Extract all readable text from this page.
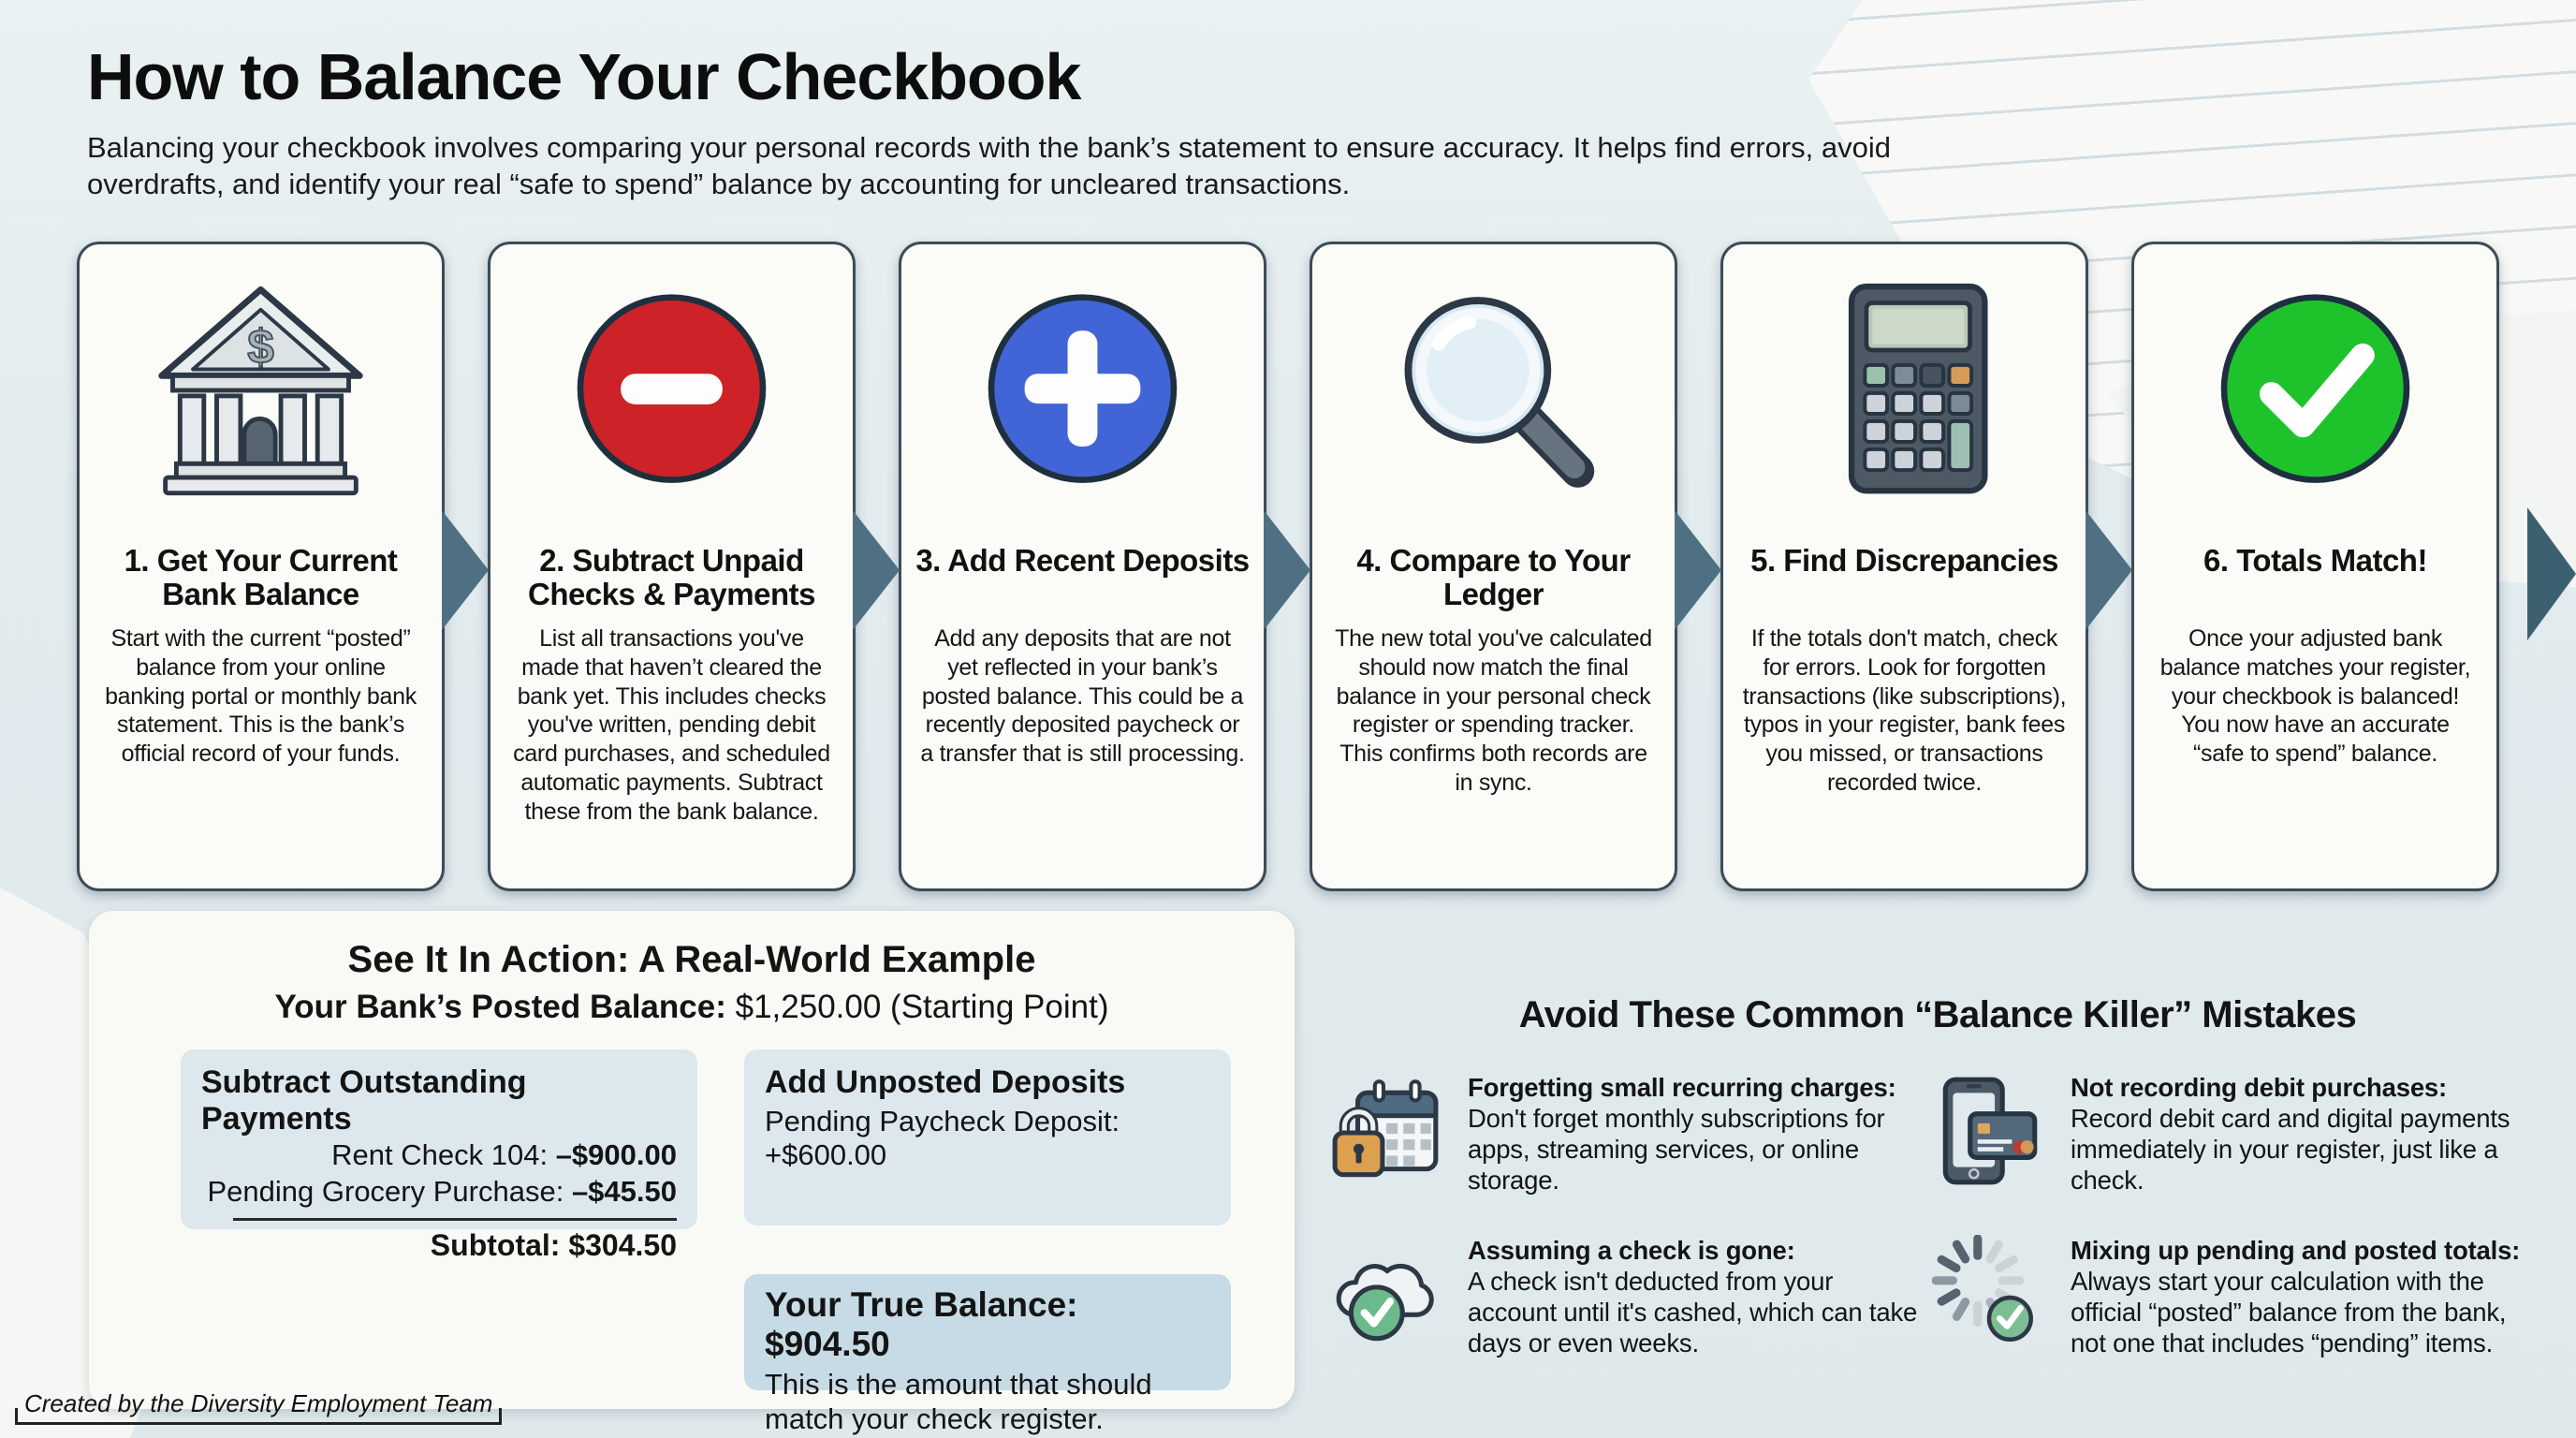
How to Balance Your Checkbook
Balancing your checkbook involves comparing your personal records with the bank’s statement to ensure accuracy. It helps find errors, avoid overdrafts, and identify your real “safe to spend” balance by accounting for uncleared transactions.
$
1. Get Your Current Bank Balance

Start with the current “posted” balance from your online banking portal or monthly bank statement. This is the bank’s official record of your funds.

2. Subtract Unpaid Checks & Payments

List all transactions you've made that haven’t cleared the bank yet. This includes checks you've written, pending debit card purchases, and scheduled automatic payments. Subtract these from the bank balance.

3. Add Recent Deposits

Add any deposits that are not yet reflected in your bank’s posted balance. This could be a recently deposited paycheck or a transfer that is still processing.

4. Compare to Your Ledger

The new total you've calculated should now match the final balance in your personal check register or spending tracker. This confirms both records are in sync.

5. Find Discrepancies

If the totals don't match, check for errors. Look for forgotten transactions (like subscriptions), typos in your register, bank fees you missed, or transactions recorded twice.

6. Totals Match!

Once your adjusted bank balance matches your register, your checkbook is balanced! You now have an accurate “safe to spend” balance.

See It In Action: A Real-World Example
Your Bank’s Posted Balance: $1,250.00 (Starting Point)
Subtract Outstanding Payments
Rent Check 104: –$900.00
Pending Grocery Purchase: –$45.50
Subtotal: $304.50
Add Unposted Deposits

Pending Paycheck Deposit: +$600.00

Your True Balance: $904.50

This is the amount that should match your check register.

Avoid These Common “Balance Killer” Mistakes

Forgetting small recurring charges:
Don't forget monthly subscriptions for apps, streaming services, or online storage.

Not recording debit purchases:
Record debit card and digital payments immediately in your register, just like a check.

Assuming a check is gone:
A check isn't deducted from your account until it's cashed, which can take days or even weeks.

Mixing up pending and posted totals:
Always start your calculation with the official “posted” balance from the bank, not one that includes “pending” items.

Created by the Diversity Employment Team
